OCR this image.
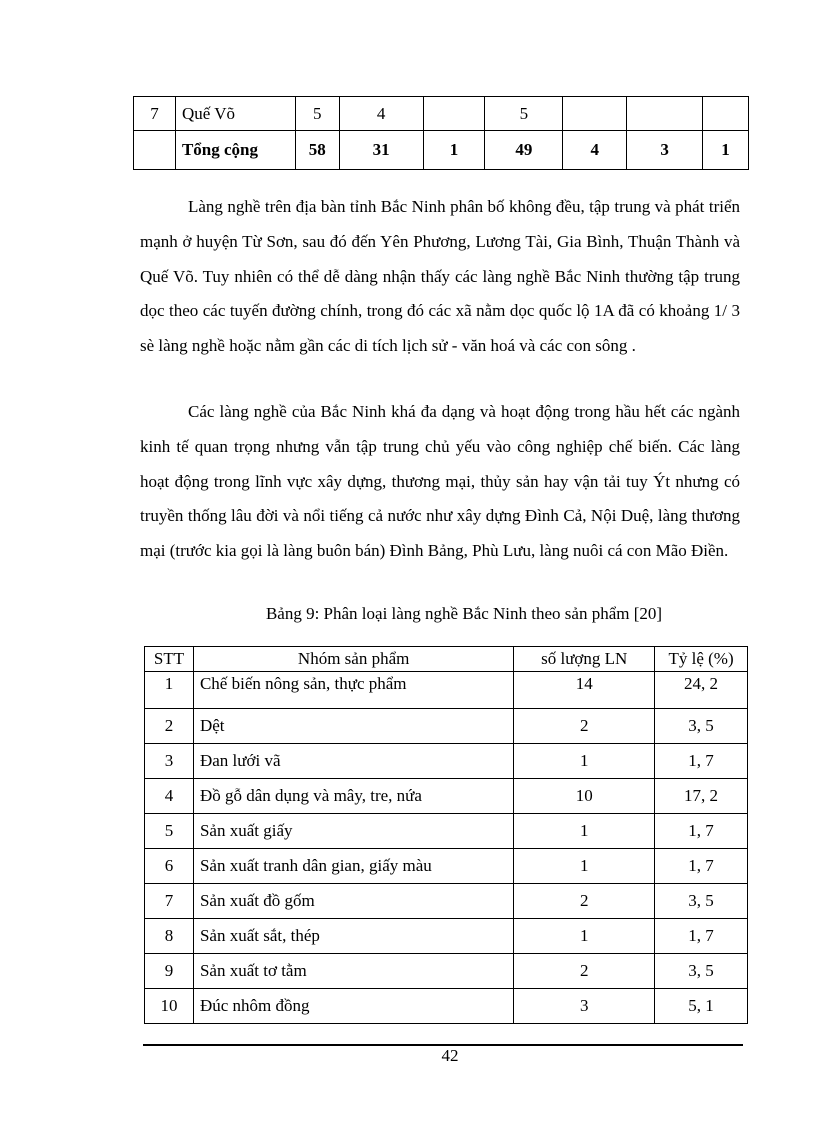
7	Quế Võ	5	4		5			
	Tổng cộng	58	31	1	49	4	3	1

Làng nghề trên địa bàn tỉnh Bắc Ninh phân bố không đều, tập trung và phát triển mạnh ở huyện Từ Sơn, sau đó đến Yên Phương, Lương Tài, Gia Bình, Thuận Thành và Quế Võ. Tuy nhiên có thể dễ dàng nhận thấy các làng nghề Bắc Ninh thường tập trung dọc theo các tuyến đường chính, trong đó các xã nằm dọc quốc lộ 1A đã có khoảng 1/ 3 sè làng nghề hoặc nằm gần các di tích lịch sử - văn hoá và các con sông .

Các làng nghề của Bắc Ninh khá đa dạng và hoạt động trong hầu hết các ngành kinh tế quan trọng nhưng vẫn tập trung chủ yếu vào công nghiệp chế biến. Các làng hoạt động trong lĩnh vực xây dựng, thương mại, thủy sản hay vận tải tuy Ýt nhưng có truyền thống lâu đời và nổi tiếng cả nước như xây dựng Đình Cả, Nội Duệ, làng thương mại (trước kia gọi là làng buôn bán) Đình Bảng, Phù Lưu, làng nuôi cá con Mão Điền.

Bảng 9: Phân loại làng nghề Bắc Ninh theo sản phẩm [20]

STT	Nhóm sản phẩm	số lượng LN	Tỷ lệ (%)
1	Chế biến nông sản, thực phẩm	14	24, 2
2	Dệt	2	3, 5
3	Đan lưới vã	1	1, 7
4	Đồ gỗ dân dụng và mây, tre, nứa	10	17, 2
5	Sản xuất giấy	1	1, 7
6	Sản xuất tranh dân gian, giấy màu	1	1, 7
7	Sản xuất đồ gốm	2	3, 5
8	Sản xuất sắt, thép	1	1, 7
9	Sản xuất tơ tằm	2	3, 5
10	Đúc nhôm đồng	3	5, 1
42
